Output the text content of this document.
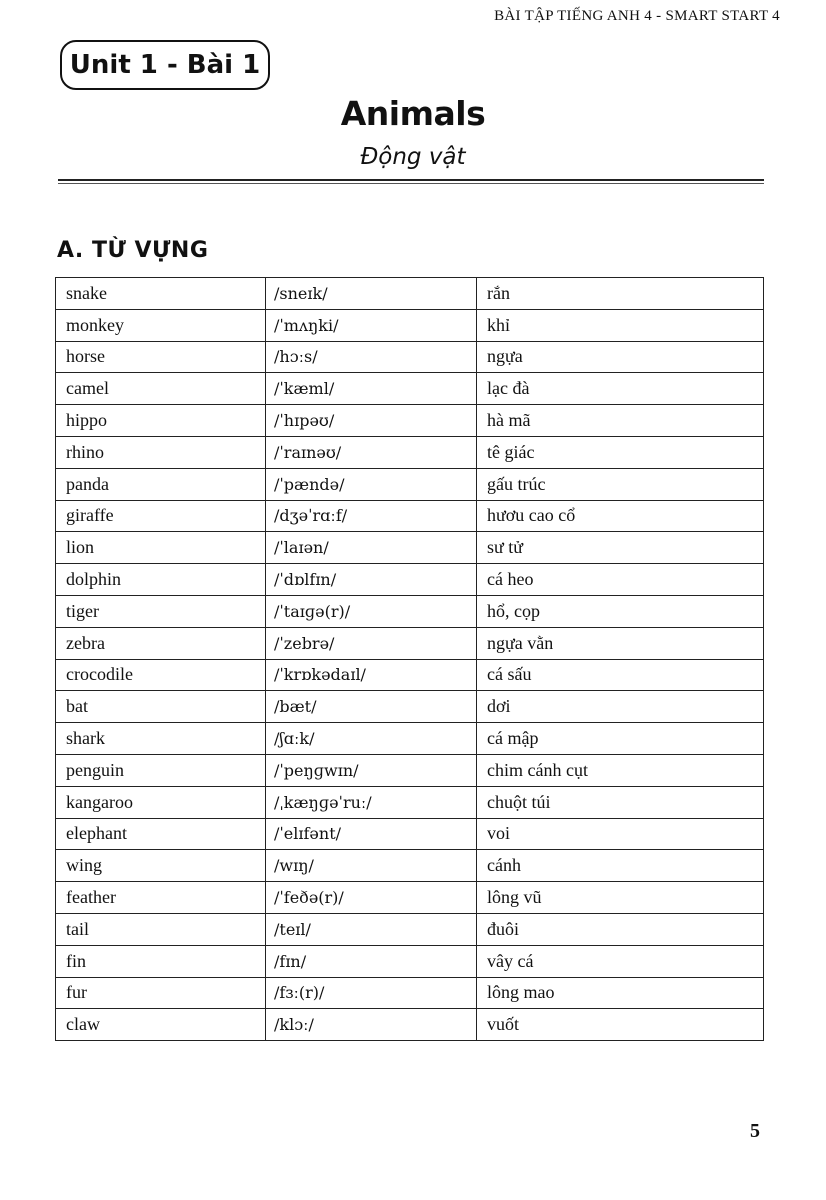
BÀI TẬP TIẾNG ANH 4 - SMART START 4
Unit 1 - Bài 1
Animals
Động vật
A. TỪ VỰNG
snake	/sneɪk/	rắn
monkey	/ˈmʌŋki/	khỉ
horse	/hɔːs/	ngựa
camel	/ˈkæml/	lạc đà
hippo	/ˈhɪpəʊ/	hà mã
rhino	/ˈraɪnəʊ/	tê giác
panda	/ˈpændə/	gấu trúc
giraffe	/dʒəˈrɑːf/	hươu cao cổ
lion	/ˈlaɪən/	sư tử
dolphin	/ˈdɒlfɪn/	cá heo
tiger	/ˈtaɪɡə(r)/	hổ, cọp
zebra	/ˈzebrə/	ngựa vằn
crocodile	/ˈkrɒkədaɪl/	cá sấu
bat	/bæt/	dơi
shark	/ʃɑːk/	cá mập
penguin	/ˈpeŋɡwɪn/	chim cánh cụt
kangaroo	/ˌkæŋɡəˈruː/	chuột túi
elephant	/ˈelɪfənt/	voi
wing	/wɪŋ/	cánh
feather	/ˈfeðə(r)/	lông vũ
tail	/teɪl/	đuôi
fin	/fɪn/	vây cá
fur	/fɜː(r)/	lông mao
claw	/klɔː/	vuốt
5
